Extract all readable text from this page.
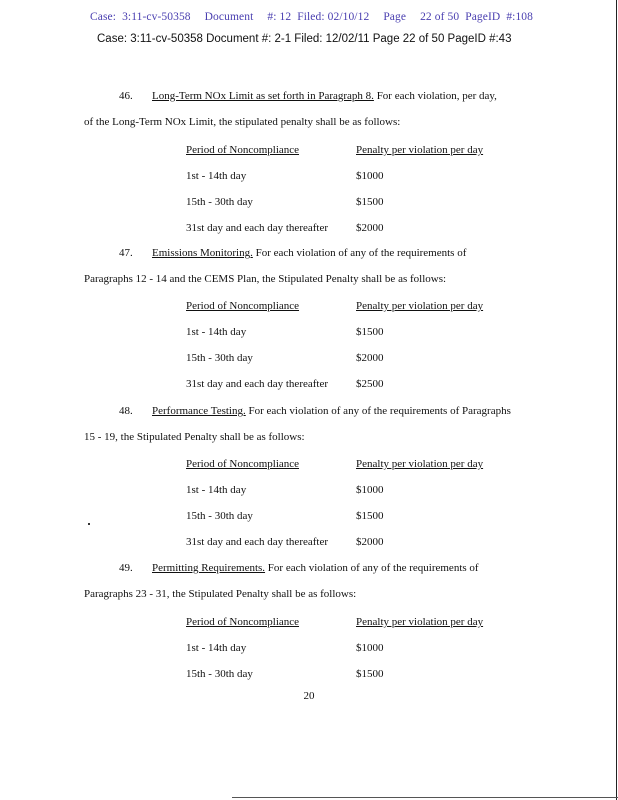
Case: 3:11-cv-50358 Document #: 12 Filed: 02/10/12 Page 22 of 50 PageID #:108
Case: 3:11-cv-50358 Document #: 2-1 Filed: 12/02/11 Page 22 of 50 PageID #:43
46. Long-Term NOx Limit as set forth in Paragraph 8. For each violation, per day,
of the Long-Term NOx Limit, the stipulated penalty shall be as follows:
Period of Noncompliance	Penalty per violation per day
1st - 14th day	$1000
15th - 30th day	$1500
31st day and each day thereafter	$2000
47. Emissions Monitoring. For each violation of any of the requirements of
Paragraphs 12 - 14 and the CEMS Plan, the Stipulated Penalty shall be as follows:
Period of Noncompliance	Penalty per violation per day
1st - 14th day	$1500
15th - 30th day	$2000
31st day and each day thereafter	$2500
48. Performance Testing. For each violation of any of the requirements of Paragraphs
15 - 19, the Stipulated Penalty shall be as follows:
Period of Noncompliance	Penalty per violation per day
1st - 14th day	$1000
15th - 30th day	$1500
31st day and each day thereafter	$2000
49. Permitting Requirements. For each violation of any of the requirements of
Paragraphs 23 - 31, the Stipulated Penalty shall be as follows:
Period of Noncompliance	Penalty per violation per day
1st - 14th day	$1000
15th - 30th day	$1500
20
